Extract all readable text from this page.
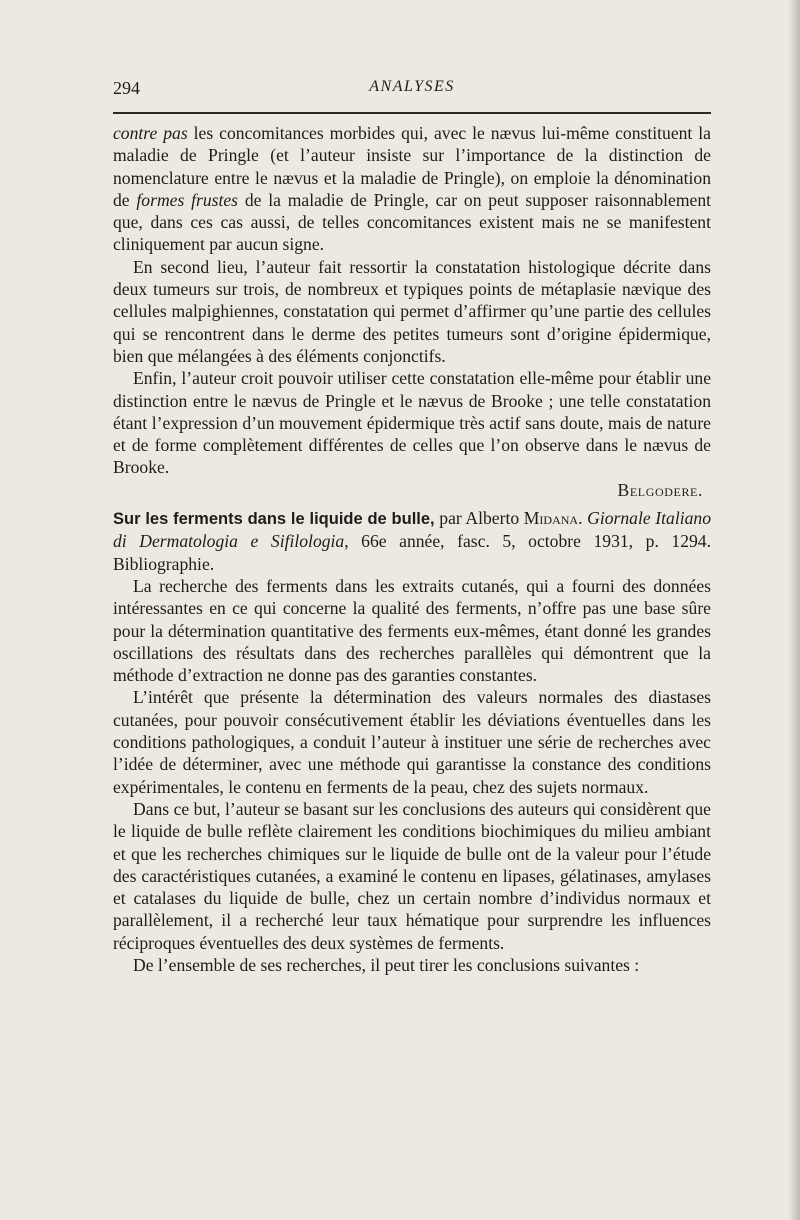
294	ANALYSES

contre pas les concomitances morbides qui, avec le nævus lui-même constituent la maladie de Pringle (et l’auteur insiste sur l’importance de la distinction de nomenclature entre le nævus et la maladie de Pringle), on emploie la dénomination de formes frustes de la maladie de Pringle, car on peut supposer raisonnablement que, dans ces cas aussi, de telles concomitances existent mais ne se manifestent cliniquement par aucun signe.

En second lieu, l’auteur fait ressortir la constatation histologique décrite dans deux tumeurs sur trois, de nombreux et typiques points de métaplasie nævique des cellules malpighiennes, constatation qui permet d’affirmer qu’une partie des cellules qui se rencontrent dans le derme des petites tumeurs sont d’origine épidermique, bien que mélangées à des éléments conjonctifs.

Enfin, l’auteur croit pouvoir utiliser cette constatation elle-même pour établir une distinction entre le nævus de Pringle et le nævus de Brooke ; une telle constatation étant l’expression d’un mouvement épidermique très actif sans doute, mais de nature et de forme complètement différentes de celles que l’on observe dans le nævus de Brooke.

Belgodere.

Sur les ferments dans le liquide de bulle, par Alberto Midana. Giornale Italiano di Dermatologia e Sifilologia, 66e année, fasc. 5, octobre 1931, p. 1294. Bibliographie.

La recherche des ferments dans les extraits cutanés, qui a fourni des données intéressantes en ce qui concerne la qualité des ferments, n’offre pas une base sûre pour la détermination quantitative des ferments eux-mêmes, étant donné les grandes oscillations des résultats dans des recherches parallèles qui démontrent que la méthode d’extraction ne donne pas des garanties constantes.

L’intérêt que présente la détermination des valeurs normales des diastases cutanées, pour pouvoir consécutivement établir les déviations éventuelles dans les conditions pathologiques, a conduit l’auteur à instituer une série de recherches avec l’idée de déterminer, avec une méthode qui garantisse la constance des conditions expérimentales, le contenu en ferments de la peau, chez des sujets normaux.

Dans ce but, l’auteur se basant sur les conclusions des auteurs qui considèrent que le liquide de bulle reflète clairement les conditions biochimiques du milieu ambiant et que les recherches chimiques sur le liquide de bulle ont de la valeur pour l’étude des caractéristiques cutanées, a examiné le contenu en lipases, gélatinases, amylases et catalases du liquide de bulle, chez un certain nombre d’individus normaux et parallèlement, il a recherché leur taux hématique pour surprendre les influences réciproques éventuelles des deux systèmes de ferments.

De l’ensemble de ses recherches, il peut tirer les conclusions suivantes :
